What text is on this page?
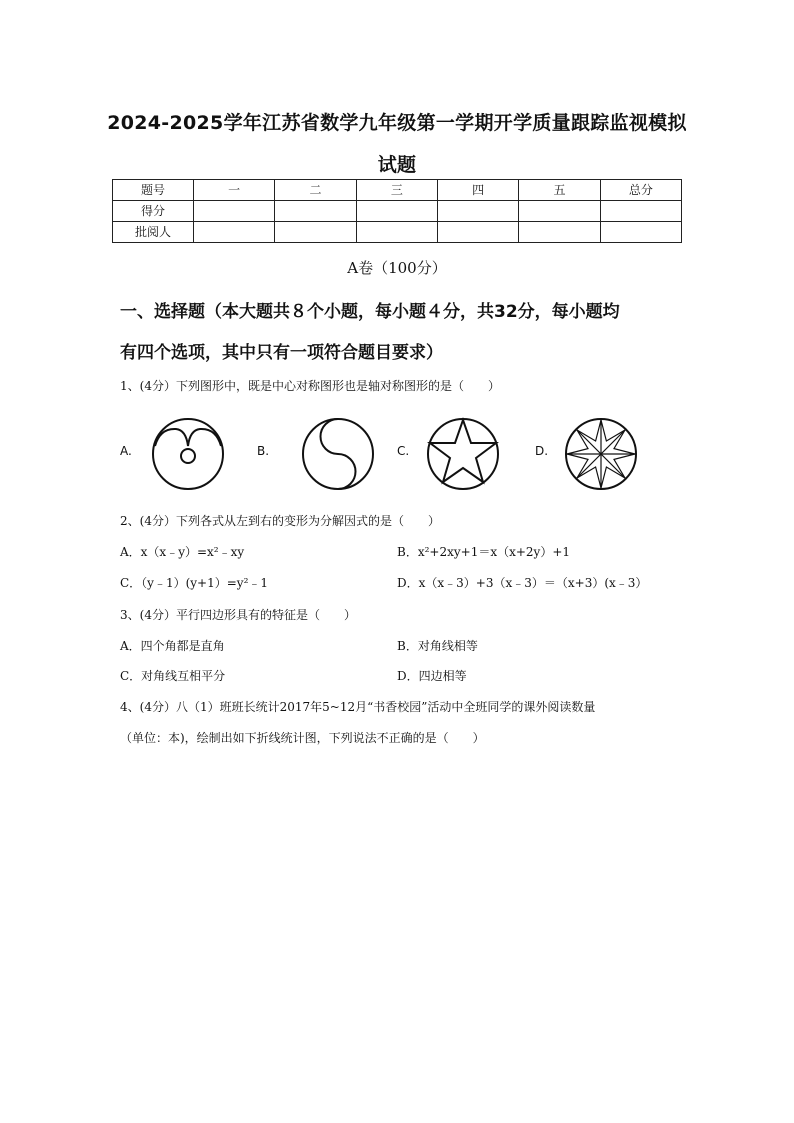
2024-2025学年江苏省数学九年级第一学期开学质量跟踪监视模拟
试题
题号	一	二	三	四	五	总分
得分						
批阅人						
A卷（100分）
一、选择题（本大题共８个小题，每小题４分，共32分，每小题均
有四个选项，其中只有一项符合题目要求）
1、(4分）下列图形中，既是中心对称图形也是轴对称图形的是（　　）
A.	B.	C.	D.
2、(4分）下列各式从左到右的变形为分解因式的是（　　）
A．x（x﹣y）=x²﹣xy	B．x²+2xy+1＝x（x+2y）+1
C．（y﹣1）(y+1）=y²﹣1	D．x（x﹣3）+3（x﹣3）＝（x+3）(x﹣3）
3、(4分）平行四边形具有的特征是（　　）
A．四个角都是直角	B．对角线相等
C．对角线互相平分	D．四边相等
4、(4分）八（1）班班长统计2017年5~12月“书香校园”活动中全班同学的课外阅读数量
（单位：本)，绘制出如下折线统计图，下列说法不正确的是（　　）
